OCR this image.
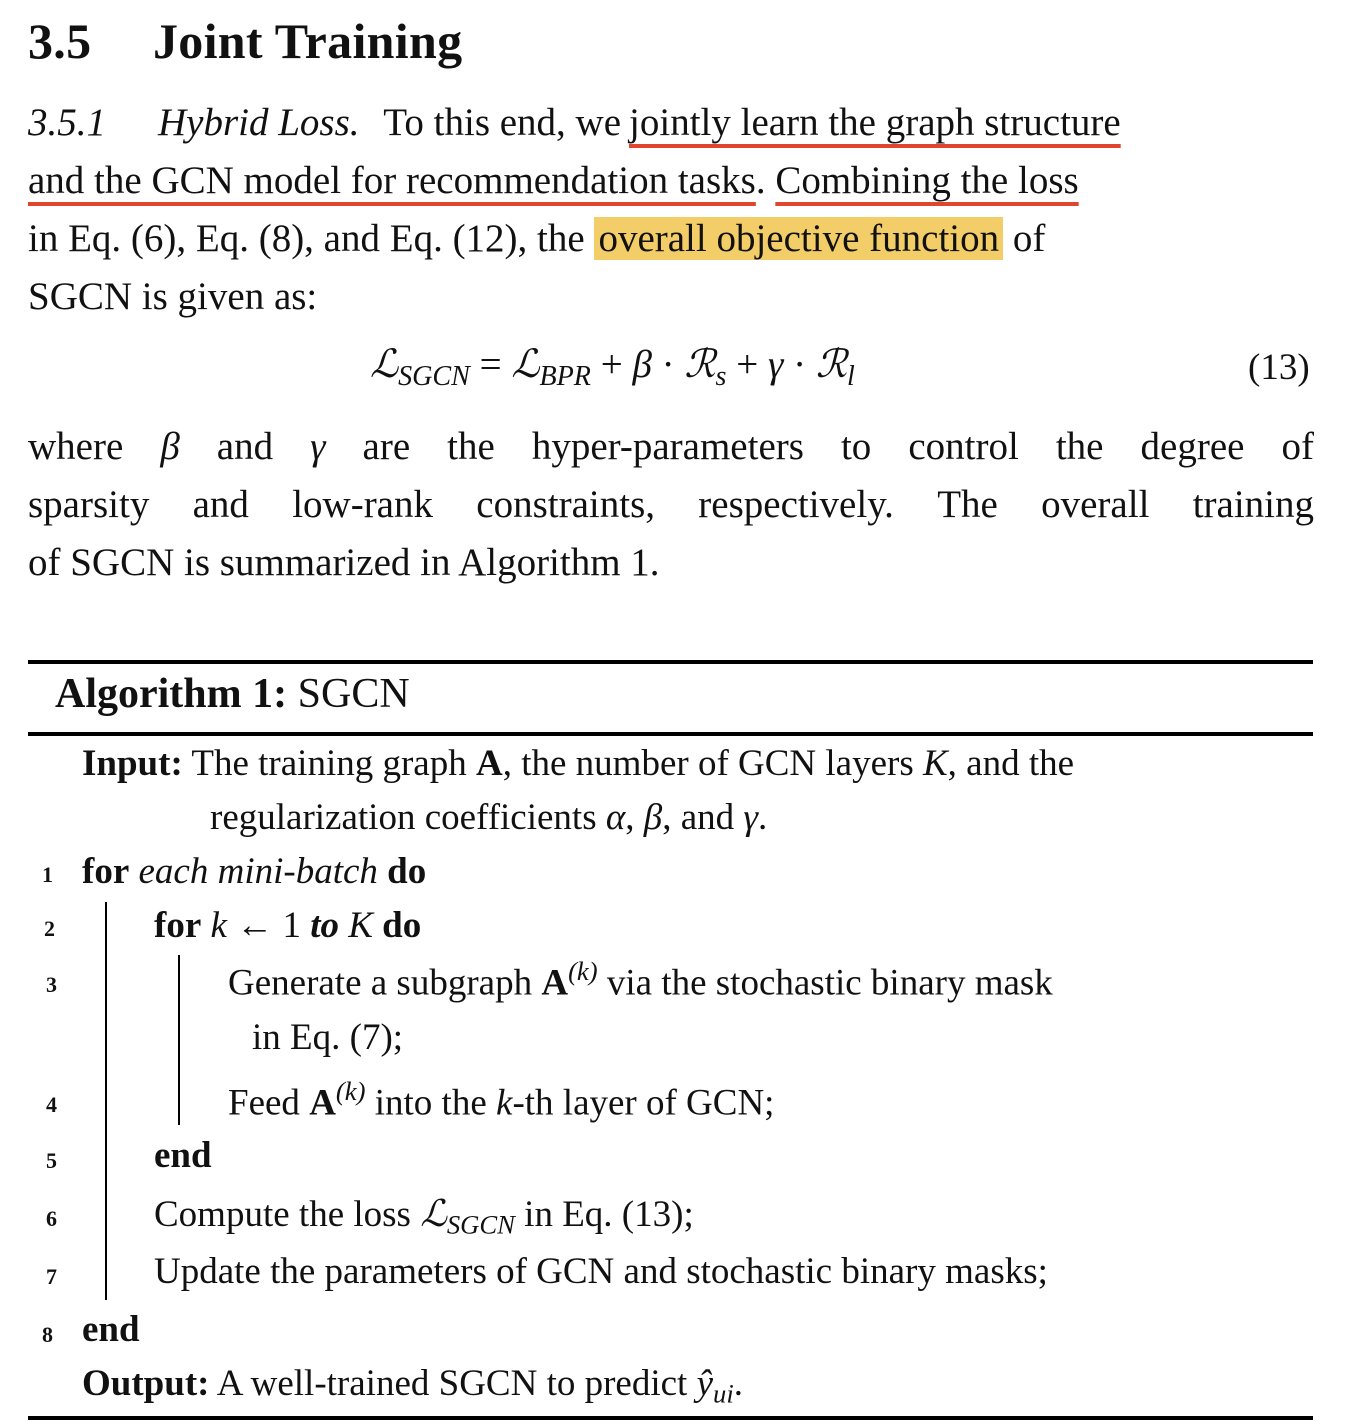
3.5 Joint Training
3.5.1 Hybrid Loss. To this end, we jointly learn the graph structure
and the GCN model for recommendation tasks. Combining the loss
in Eq. (6), Eq. (8), and Eq. (12), the overall objective function of
SGCN is given as:
ℒ$_{SGCN}$ = ℒ$_{BPR}$ + β · ℛ$_s$ + γ · ℛ$_l$	(13)
where β and γ are the hyper-parameters to control the degree of
sparsity and low-rank constraints, respectively. The overall training
of SGCN is summarized in Algorithm 1.
Algorithm 1: SGCN
Input: The training graph A, the number of GCN layers K, and the
regularization coefficients α, β, and γ.
1 for each mini-batch do
2	for k ← 1 to K do
3	Generate a subgraph $A^{(k)}$ via the stochastic binary mask
in Eq. (7);
4	Feed $A^{(k)}$ into the k-th layer of GCN;
5	end
6	Compute the loss ℒ$_{SGCN}$ in Eq. (13);
7	Update the parameters of GCN and stochastic binary masks;
8 end
Output: A well-trained SGCN to predict $ŷ_{ui}$.
